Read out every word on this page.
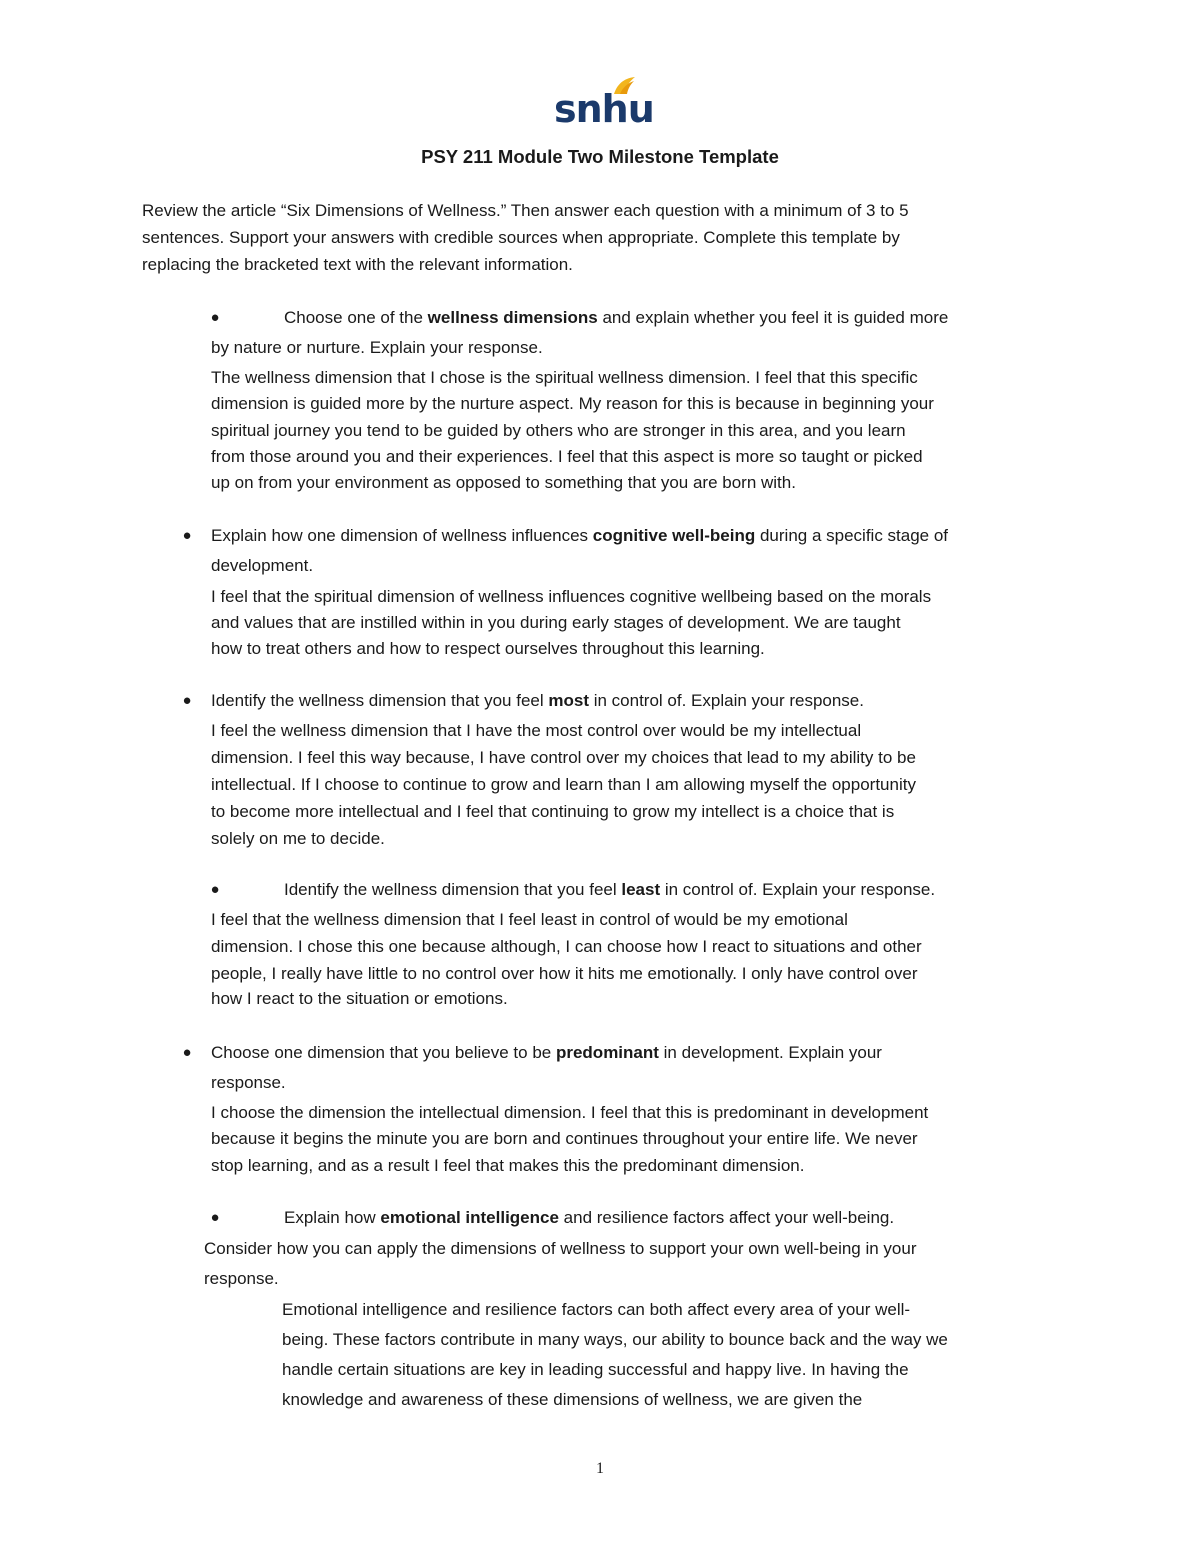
snhu
PSY 211 Module Two Milestone Template

Review the article “Six Dimensions of Wellness.” Then answer each question with a minimum of 3 to 5

sentences. Support your answers with credible sources when appropriate. Complete this template by

replacing the bracketed text with the relevant information.

●	Choose one of the wellness dimensions and explain whether you feel it is guided more

by nature or nurture. Explain your response.

The wellness dimension that I chose is the spiritual wellness dimension. I feel that this specific

dimension is guided more by the nurture aspect. My reason for this is because in beginning your

spiritual journey you tend to be guided by others who are stronger in this area, and you learn

from those around you and their experiences. I feel that this aspect is more so taught or picked

up on from your environment as opposed to something that you are born with.

● Explain how one dimension of wellness influences cognitive well-being during a specific stage of

development.

I feel that the spiritual dimension of wellness influences cognitive wellbeing based on the morals

and values that are instilled within in you during early stages of development. We are taught

how to treat others and how to respect ourselves throughout this learning.

● Identify the wellness dimension that you feel most in control of. Explain your response.

I feel the wellness dimension that I have the most control over would be my intellectual

dimension. I feel this way because, I have control over my choices that lead to my ability to be

intellectual. If I choose to continue to grow and learn than I am allowing myself the opportunity

to become more intellectual and I feel that continuing to grow my intellect is a choice that is

solely on me to decide.

●	Identify the wellness dimension that you feel least in control of. Explain your response.

I feel that the wellness dimension that I feel least in control of would be my emotional

dimension. I chose this one because although, I can choose how I react to situations and other

people, I really have little to no control over how it hits me emotionally. I only have control over

how I react to the situation or emotions.

● Choose one dimension that you believe to be predominant in development. Explain your

response.

I choose the dimension the intellectual dimension. I feel that this is predominant in development

because it begins the minute you are born and continues throughout your entire life. We never

stop learning, and as a result I feel that makes this the predominant dimension.

●	Explain how emotional intelligence and resilience factors affect your well-being.

Consider how you can apply the dimensions of wellness to support your own well-being in your

response.

Emotional intelligence and resilience factors can both affect every area of your well-

being. These factors contribute in many ways, our ability to bounce back and the way we

handle certain situations are key in leading successful and happy live. In having the

knowledge and awareness of these dimensions of wellness, we are given the

1
